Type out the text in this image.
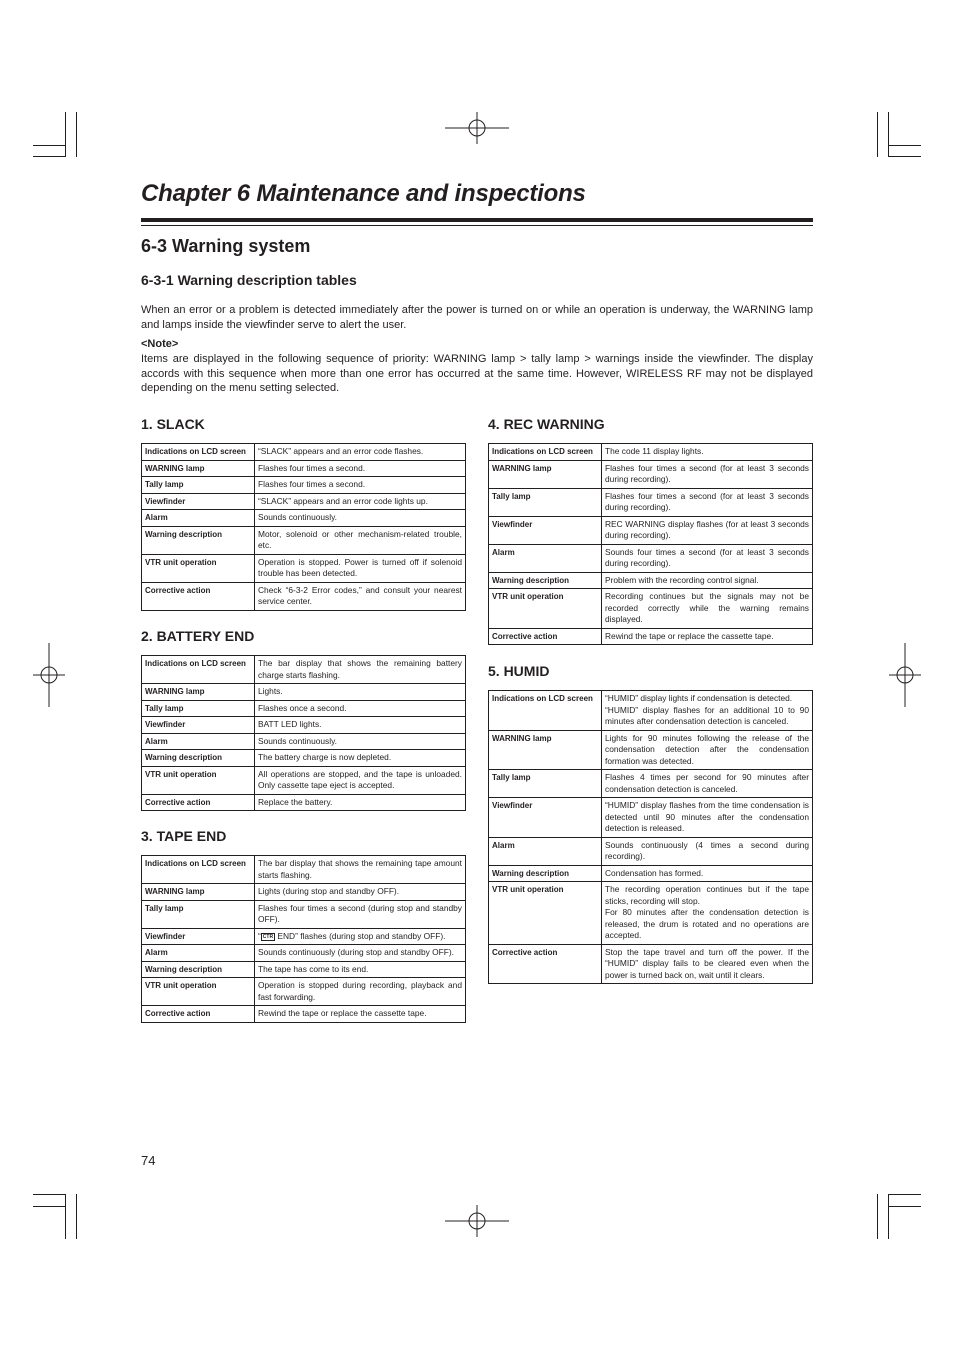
Chapter 6 Maintenance and inspections
6-3 Warning system
6-3-1 Warning description tables

When an error or a problem is detected immediately after the power is turned on or while an operation is underway, the WARNING lamp and lamps inside the viewfinder serve to alert the user.

<Note>

Items are displayed in the following sequence of priority: WARNING lamp > tally lamp > warnings inside the viewfinder. The display accords with this sequence when more than one error has occurred at the same time. However, WIRELESS RF may not be displayed depending on the menu setting selected.

1. SLACK
Indications on LCD screen	“SLACK” appears and an error code flashes.
WARNING lamp	Flashes four times a second.
Tally lamp	Flashes four times a second.
Viewfinder	“SLACK” appears and an error code lights up.
Alarm	Sounds continuously.
Warning description	Motor, solenoid or other mechanism-related trouble, etc.
VTR unit operation	Operation is stopped. Power is turned off if solenoid trouble has been detected.
Corrective action	Check “6-3-2 Error codes,” and consult your nearest service center.
2. BATTERY END
Indications on LCD screen	The bar display that shows the remaining battery charge starts flashing.
WARNING lamp	Lights.
Tally lamp	Flashes once a second.
Viewfinder	BATT LED lights.
Alarm	Sounds continuously.
Warning description	The battery charge is now depleted.
VTR unit operation	All operations are stopped, and the tape is unloaded. Only cassette tape eject is accepted.
Corrective action	Replace the battery.
3. TAPE END
Indications on LCD screen	The bar display that shows the remaining tape amount starts flashing.
WARNING lamp	Lights (during stop and standby OFF).
Tally lamp	Flashes four times a second (during stop and standby OFF).
Viewfinder	“ CTR END” flashes (during stop and standby OFF).
Alarm	Sounds continuously (during stop and standby OFF).
Warning description	The tape has come to its end.
VTR unit operation	Operation is stopped during recording, playback and fast forwarding.
Corrective action	Rewind the tape or replace the cassette tape.
4. REC WARNING
Indications on LCD screen	The code 11 display lights.
WARNING lamp	Flashes four times a second (for at least 3 seconds during recording).
Tally lamp	Flashes four times a second (for at least 3 seconds during recording).
Viewfinder	REC WARNING display flashes (for at least 3 seconds during recording).
Alarm	Sounds four times a second (for at least 3 seconds during recording).
Warning description	Problem with the recording control signal.
VTR unit operation	Recording continues but the signals may not be recorded correctly while the warning remains displayed.
Corrective action	Rewind the tape or replace the cassette tape.
5. HUMID
Indications on LCD screen	“HUMID” display lights if condensation is detected.
“HUMID” display flashes for an additional 10 to 90 minutes after condensation detection is canceled.
WARNING lamp	Lights for 90 minutes following the release of the condensation detection after the condensation formation was detected.
Tally lamp	Flashes 4 times per second for 90 minutes after condensation detection is canceled.
Viewfinder	“HUMID” display flashes from the time condensation is detected until 90 minutes after the condensation detection is released.
Alarm	Sounds continuously (4 times a second during recording).
Warning description	Condensation has formed.
VTR unit operation	The recording operation continues but if the tape sticks, recording will stop.
For 80 minutes after the condensation detection is released, the drum is rotated and no operations are accepted.
Corrective action	Stop the tape travel and turn off the power. If the “HUMID” display fails to be cleared even when the power is turned back on, wait until it clears.

74
